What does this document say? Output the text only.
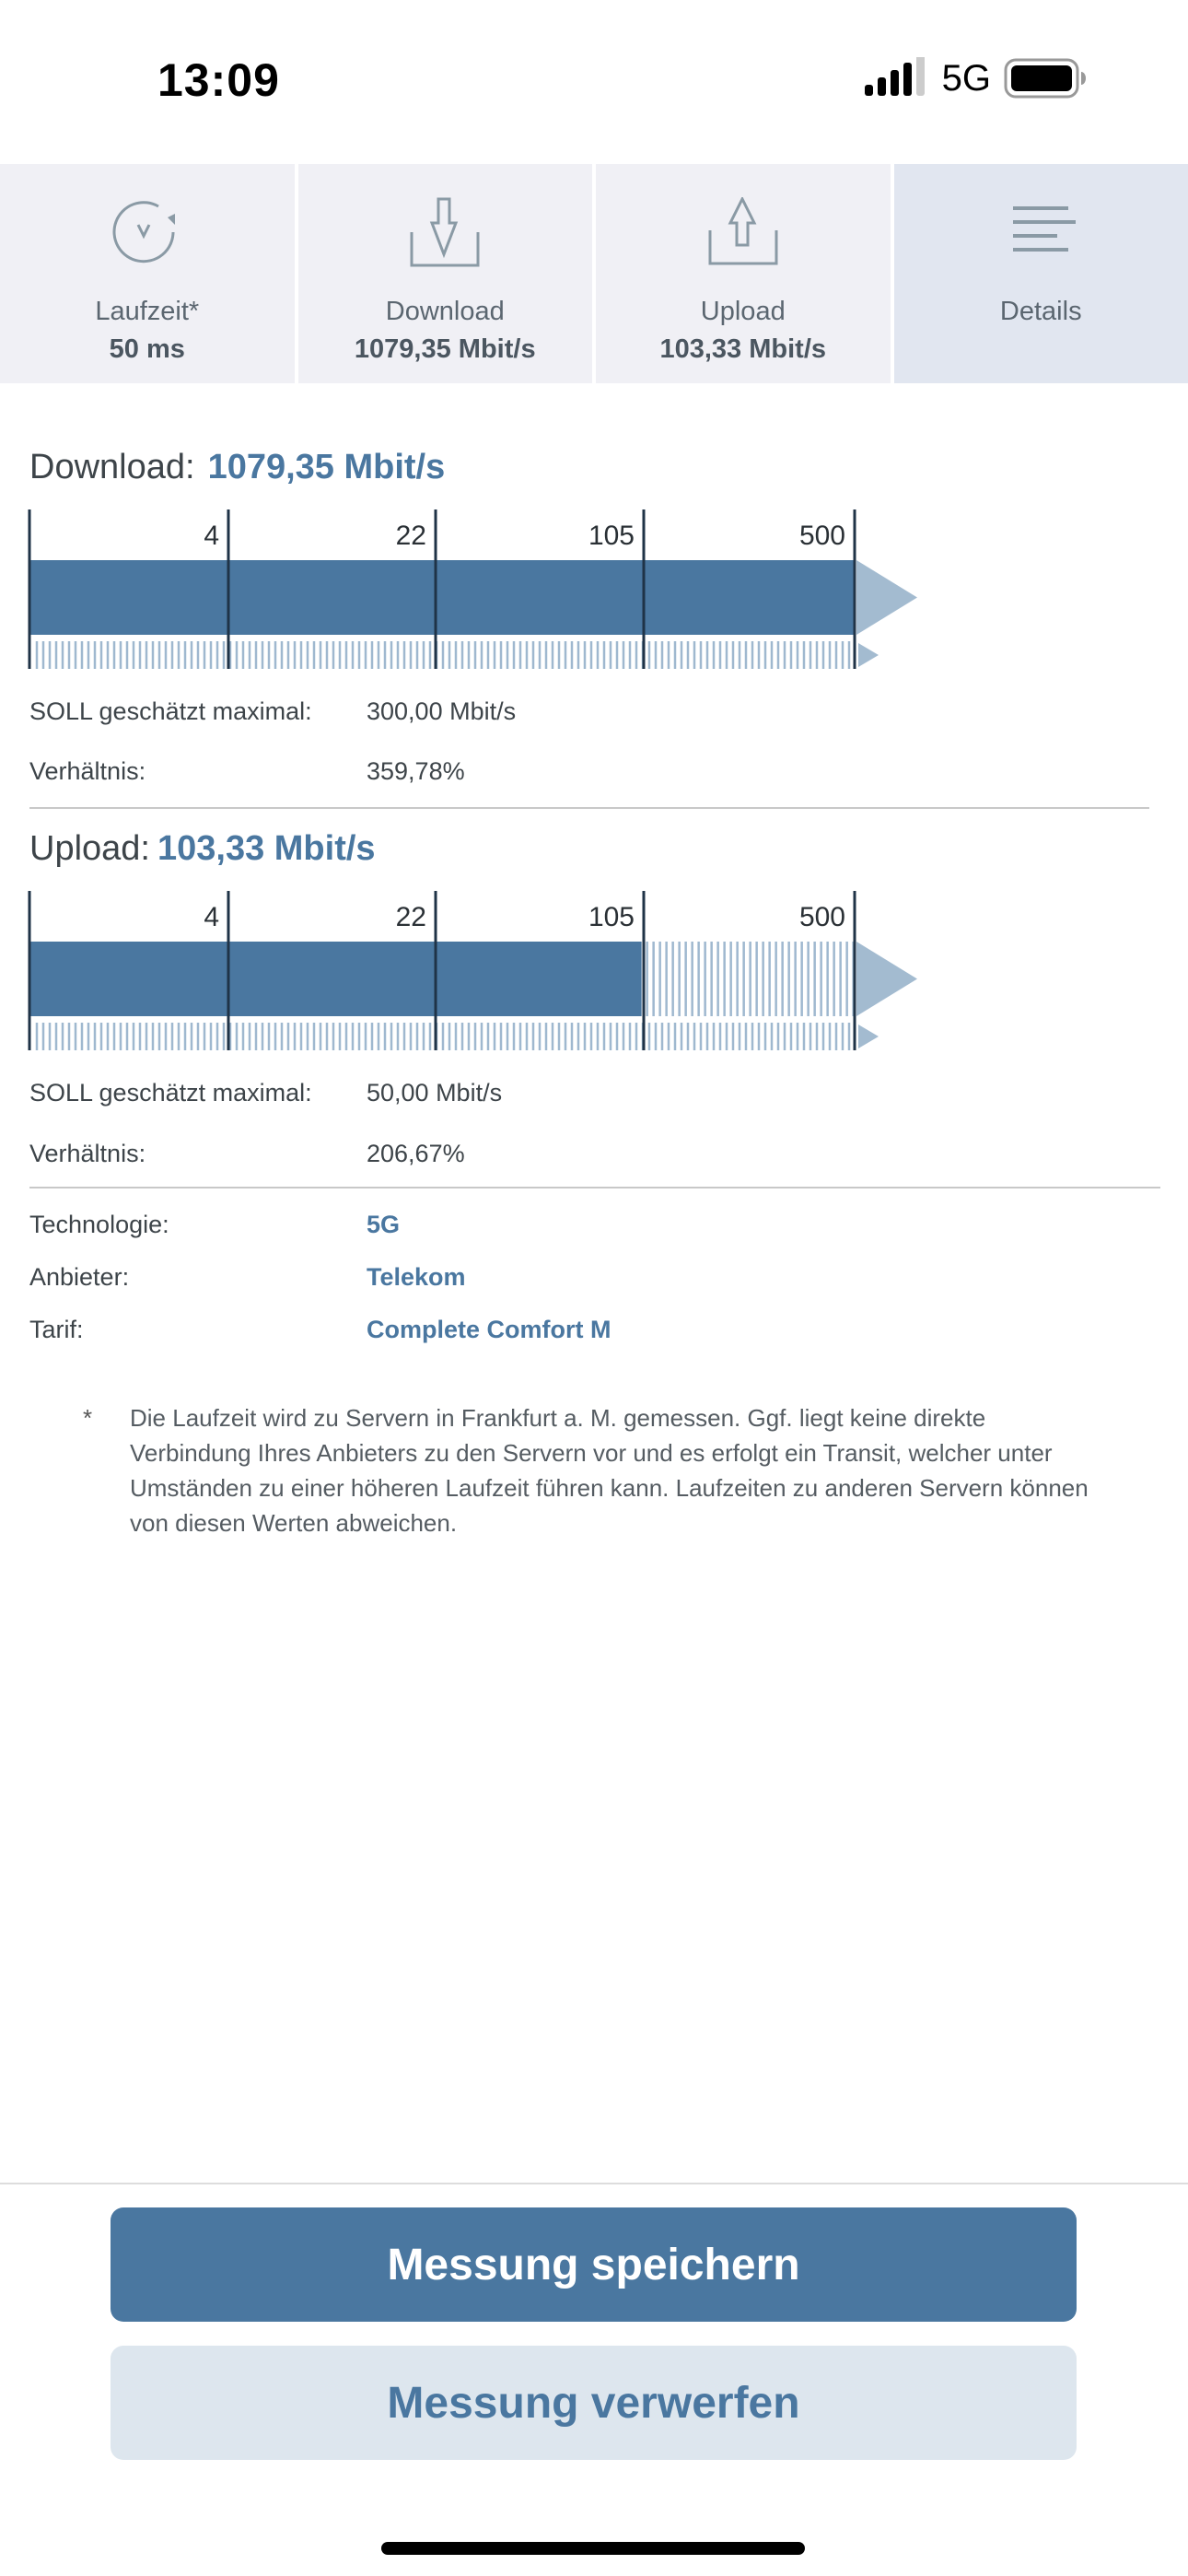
13:09	5G
Laufzeit*
50 ms
Download
1079,35 Mbit/s
Upload
103,33 Mbit/s
Details
Download: 1079,35 Mbit/s
4	22	105	500
SOLL geschätzt maximal: 300,00 Mbit/s
Verhältnis:	359,78%
Upload: 103,33 Mbit/s
4	22	105	500
SOLL geschätzt maximal: 50,00 Mbit/s
Verhältnis:	206,67%
Technologie:	5G
Anbieter:	Telekom
Tarif:	Complete Comfort M
* Die Laufzeit wird zu Servern in Frankfurt a. M. gemessen. Ggf. liegt keine direkte Verbindung Ihres Anbieters zu den Servern vor und es erfolgt ein Transit, welcher unter Umständen zu einer höheren Laufzeit führen kann. Laufzeiten zu anderen Servern können von diesen Werten abweichen.
Messung speichern
Messung verwerfen
